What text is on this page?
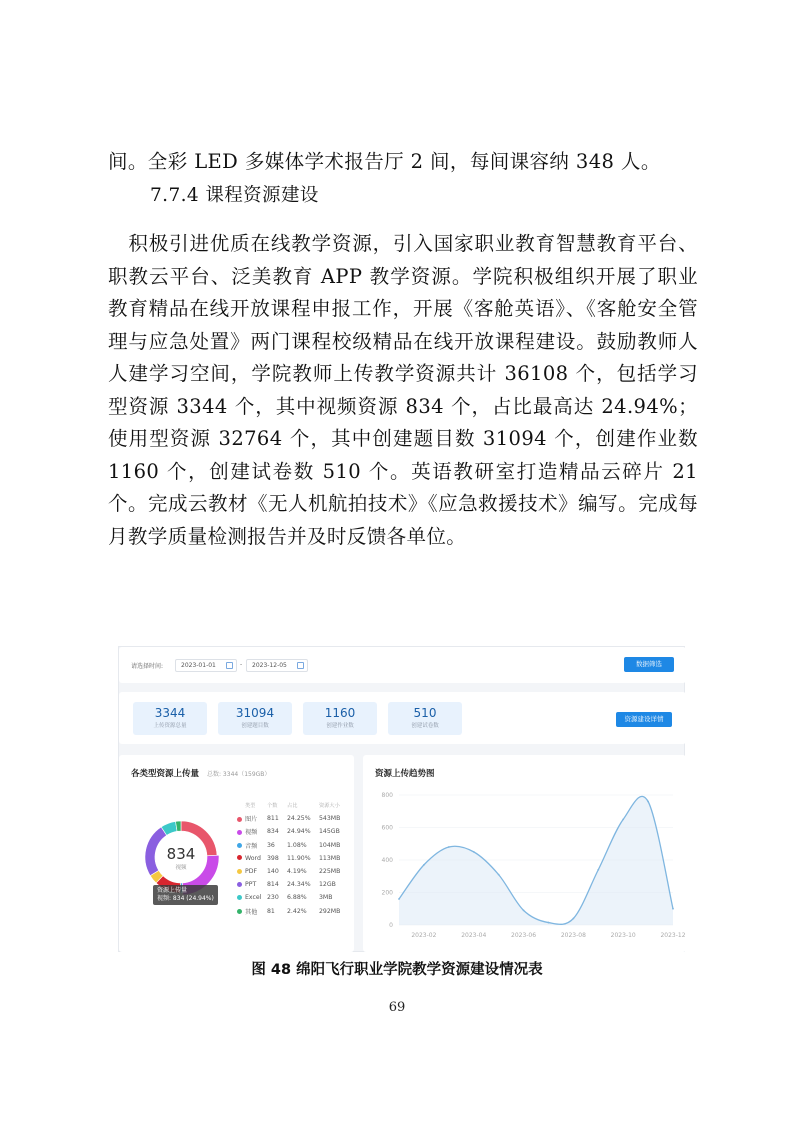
间。全彩 LED 多媒体学术报告厅 2 间，每间课容纳 348 人。
7.7.4 课程资源建设
　积极引进优质在线教学资源，引入国家职业教育智慧教育平台、职教云平台、泛美教育 APP 教学资源。学院积极组织开展了职业教育精品在线开放课程申报工作，开展《客舱英语》、《客舱安全管理与应急处置》两门课程校级精品在线开放课程建设。鼓励教师人人建学习空间，学院教师上传教学资源共计 36108 个，包括学习型资源 3344 个，其中视频资源 834 个，占比最高达 24.94%；使用型资源 32764 个，其中创建题目数 31094 个，创建作业数 1160 个，创建试卷数 510 个。英语教研室打造精品云碎片 21 个。完成云教材《无人机航拍技术》《应急救援技术》编写。完成每月教学质量检测报告并及时反馈各单位。
请选择时间:	2023-01-01	-	2023-12-05	数据筛选
3344
上传资源总量
31094
创建题目数
1160
创建作业数
510
创建试卷数
资源建设详情
各类型资源上传量 总数: 3344（159GB）
834
视频
资源上传量
视频: 834 (24.94%)
类型	个数	占比	资源大小
图片	811	24.25%	543MB
视频	834	24.94%	145GB
音频	36	1.08%	104MB
Word 398	11.90%	113MB
PDF	140	4.19%	225MB
PPT	814	24.34%	12GB
Excel 230	6.88%	3MB
其他	81	2.42%	292MB
0
200
400
600
800
2023-02	2023-04	2023-06	2023-08	2023-10	2023-12
资源上传趋势图
图 48 绵阳飞行职业学院教学资源建设情况表
69
